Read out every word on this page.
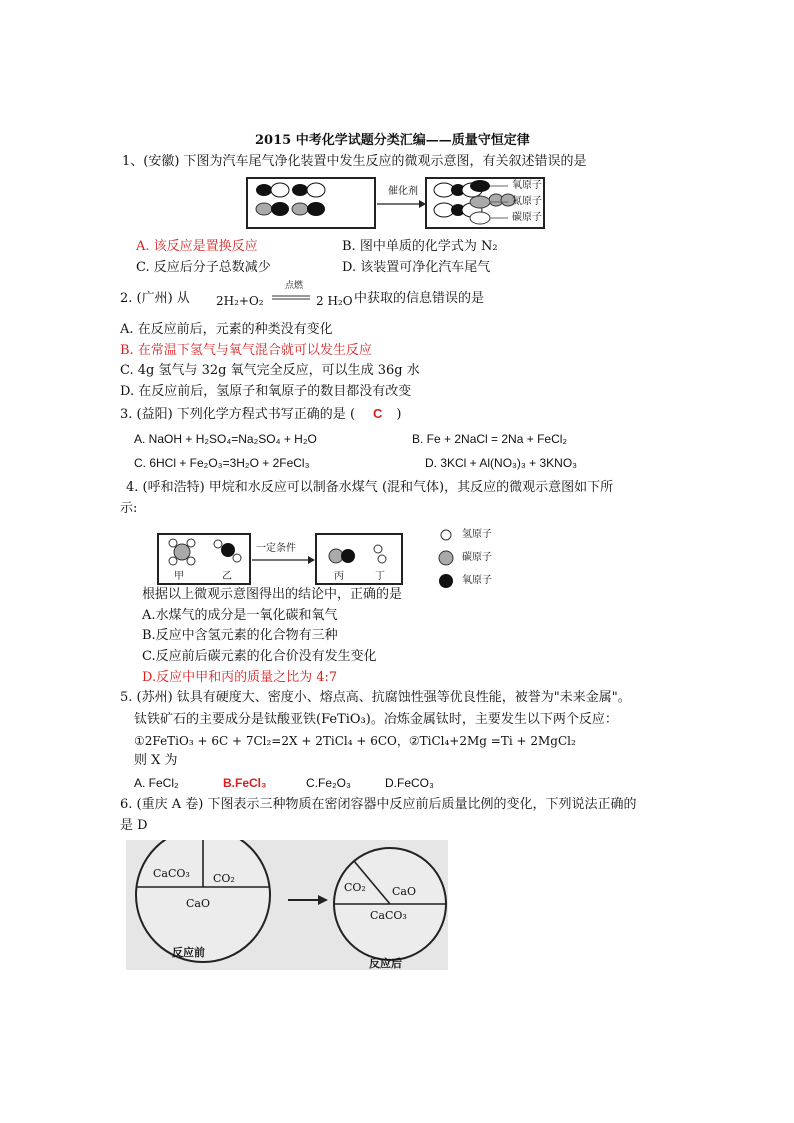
2015 中考化学试题分类汇编——质量守恒定律
1、(安徽) 下图为汽车尾气净化装置中发生反应的微观示意图，有关叙述错误的是
催化剂
氧原子
氮原子
碳原子
A. 该反应是置换反应	B. 图中单质的化学式为 N₂
C. 反应后分子总数减少	D. 该装置可净化汽车尾气
2. (广州) 从 2H₂+O₂
点燃
2 H₂O 中获取的信息错误的是
A. 在反应前后，元素的种类没有变化
B. 在常温下氢气与氧气混合就可以发生反应
C. 4g 氢气与 32g 氧气完全反应，可以生成 36g 水
D. 在反应前后，氢原子和氧原子的数目都没有改变
3. (益阳) 下列化学方程式书写正确的是 ( C )
A. NaOH + H₂SO₄=Na₂SO₄ + H₂O	B. Fe + 2NaCl = 2Na + FeCl₂
C. 6HCl + Fe₂O₃=3H₂O + 2FeCl₃	D. 3KCl + Al(NO₃)₃ + 3KNO₃
4. (呼和浩特) 甲烷和水反应可以制备水煤气 (混和气体)，其反应的微观示意图如下所
示:
一定条件
甲	乙	丙	丁
氢原子
碳原子
氧原子
根据以上微观示意图得出的结论中，正确的是
A.水煤气的成分是一氧化碳和氧气
B.反应中含氢元素的化合物有三种
C.反应前后碳元素的化合价没有发生变化
D.反应中甲和丙的质量之比为 4:7
5. (苏州) 钛具有硬度大、密度小、熔点高、抗腐蚀性强等优良性能，被誉为"未来金属"。
钛铁矿石的主要成分是钛酸亚铁(FeTiO₃)。冶炼金属钛时，主要发生以下两个反应：
①2FeTiO₃ + 6C + 7Cl₂=2X + 2TiCl₄ + 6CO，②TiCl₄+2Mg =Ti + 2MgCl₂
则 X 为
A. FeCl₂	B.FeCl₃	C.Fe₂O₃	D.FeCO₃
6. (重庆 A 卷) 下图表示三种物质在密闭容器中反应前后质量比例的变化，下列说法正确的
是 D
CaCO₃ CO₂
CaO
CO₂ CaO
CaCO₃
反应前
反应后
